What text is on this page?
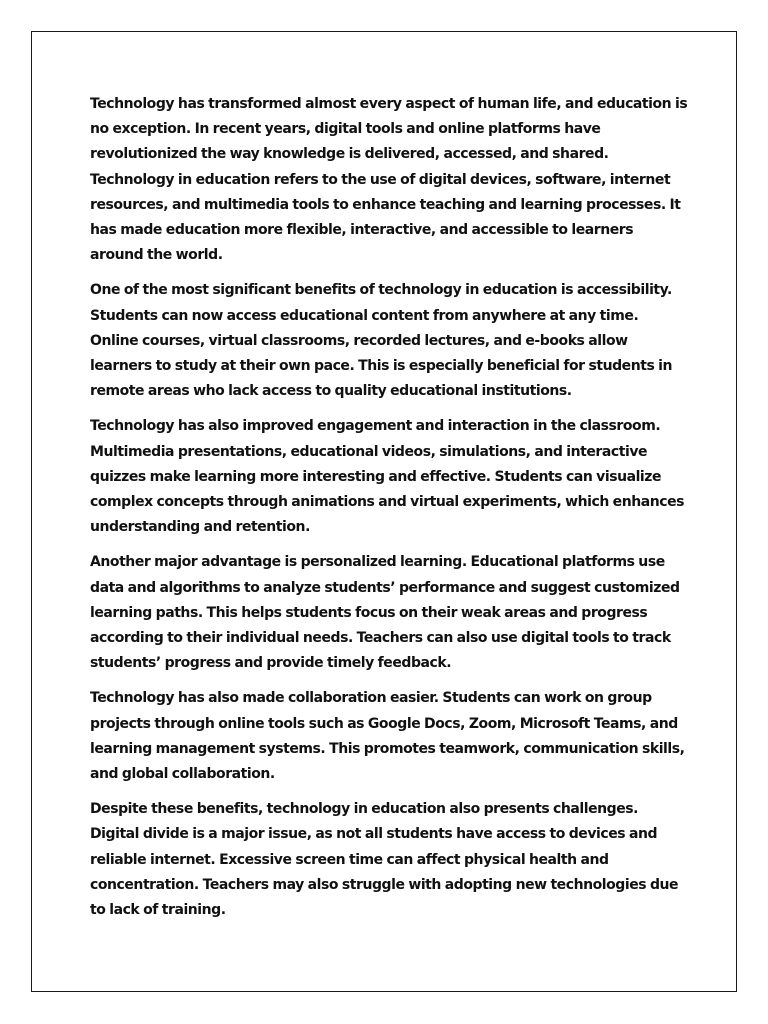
Technology has transformed almost every aspect of human life, and education is no exception. In recent years, digital tools and online platforms have revolutionized the way knowledge is delivered, accessed, and shared. Technology in education refers to the use of digital devices, software, internet resources, and multimedia tools to enhance teaching and learning processes. It has made education more flexible, interactive, and accessible to learners around the world.

One of the most significant benefits of technology in education is accessibility. Students can now access educational content from anywhere at any time. Online courses, virtual classrooms, recorded lectures, and e-books allow learners to study at their own pace. This is especially beneficial for students in remote areas who lack access to quality educational institutions.

Technology has also improved engagement and interaction in the classroom. Multimedia presentations, educational videos, simulations, and interactive quizzes make learning more interesting and effective. Students can visualize complex concepts through animations and virtual experiments, which enhances understanding and retention.

Another major advantage is personalized learning. Educational platforms use data and algorithms to analyze students’ performance and suggest customized learning paths. This helps students focus on their weak areas and progress according to their individual needs. Teachers can also use digital tools to track students’ progress and provide timely feedback.

Technology has also made collaboration easier. Students can work on group projects through online tools such as Google Docs, Zoom, Microsoft Teams, and learning management systems. This promotes teamwork, communication skills, and global collaboration.

Despite these benefits, technology in education also presents challenges. Digital divide is a major issue, as not all students have access to devices and reliable internet. Excessive screen time can affect physical health and concentration. Teachers may also struggle with adopting new technologies due to lack of training.
